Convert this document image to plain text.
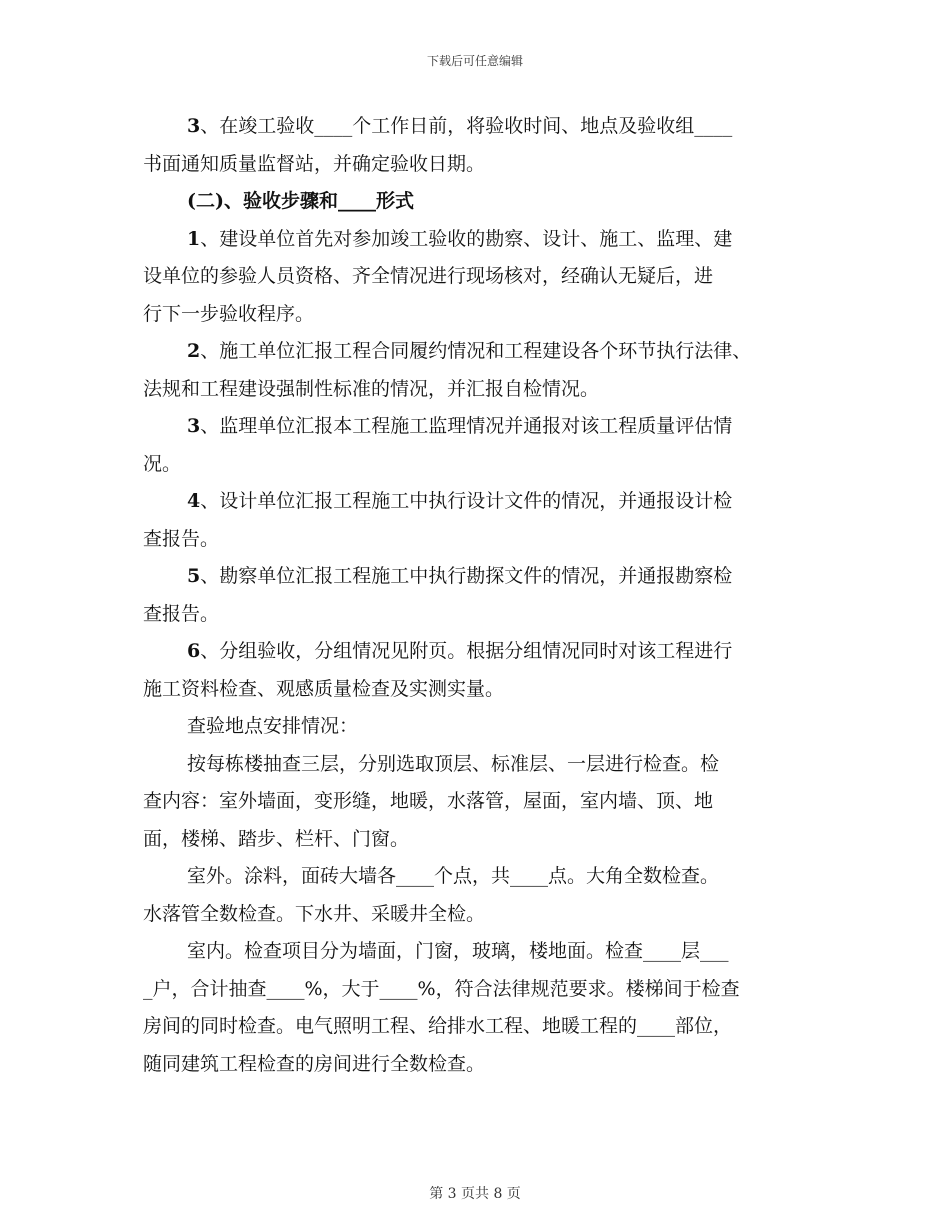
下载后可任意编辑

3、在竣工验收____个工作日前，将验收时间、地点及验收组____

书面通知质量监督站，并确定验收日期。

(二)、验收步骤和____形式

1、建设单位首先对参加竣工验收的勘察、设计、施工、监理、建

设单位的参验人员资格、齐全情况进行现场核对，经确认无疑后，进

行下一步验收程序。

2、施工单位汇报工程合同履约情况和工程建设各个环节执行法律、

法规和工程建设强制性标准的情况，并汇报自检情况。

3、监理单位汇报本工程施工监理情况并通报对该工程质量评估情

况。

4、设计单位汇报工程施工中执行设计文件的情况，并通报设计检

查报告。

5、勘察单位汇报工程施工中执行勘探文件的情况，并通报勘察检

查报告。

6、分组验收，分组情况见附页。根据分组情况同时对该工程进行

施工资料检查、观感质量检查及实测实量。

查验地点安排情况：

按每栋楼抽查三层，分别选取顶层、标准层、一层进行检查。检

查内容：室外墙面，变形缝，地暖，水落管，屋面，室内墙、顶、地

面，楼梯、踏步、栏杆、门窗。

室外。涂料，面砖大墙各____个点，共____点。大角全数检查。

水落管全数检查。下水井、采暖井全检。

室内。检查项目分为墙面，门窗，玻璃，楼地面。检查____层___

_户，合计抽查____%，大于____%，符合法律规范要求。楼梯间于检查

房间的同时检查。电气照明工程、给排水工程、地暖工程的____部位，

随同建筑工程检查的房间进行全数检查。

第 3 页共 8 页
